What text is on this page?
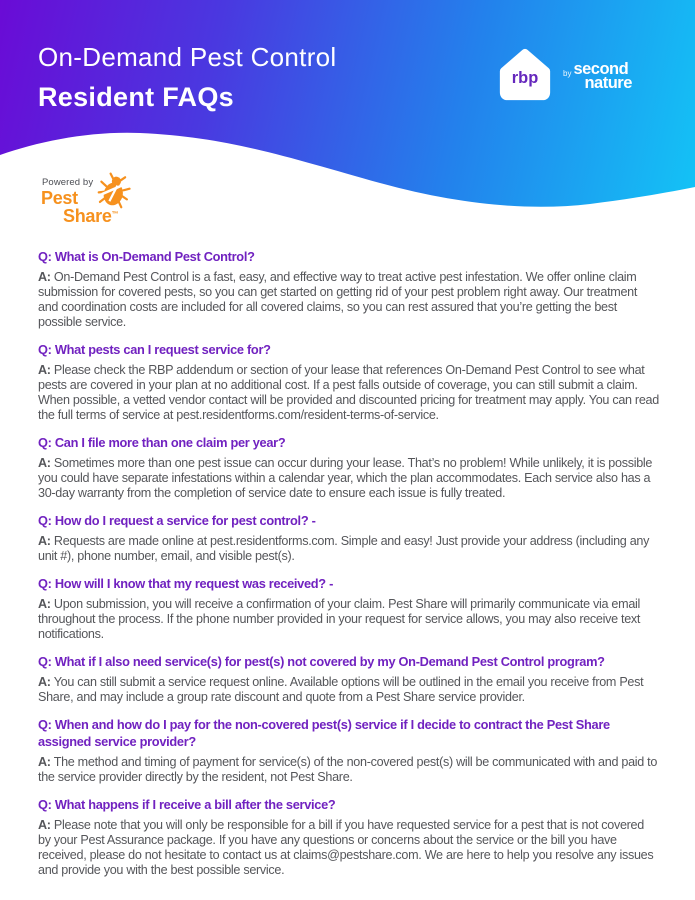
On-Demand Pest Control
Resident FAQs
rbp	by second
nature
Powered by
Pest
Share™
Q: What is On-Demand Pest Control?

A: On-Demand Pest Control is a fast, easy, and effective way to treat active pest infestation. We offer online claim submission for covered pests, so you can get started on getting rid of your pest problem right away. Our treatment and coordination costs are included for all covered claims, so you can rest assured that you’re getting the best possible service.

Q: What pests can I request service for?

A: Please check the RBP addendum or section of your lease that references On-Demand Pest Control to see what pests are covered in your plan at no additional cost. If a pest falls outside of coverage, you can still submit a claim. When possible, a vetted vendor contact will be provided and discounted pricing for treatment may apply. You can read the full terms of service at pest.residentforms.com/resident-terms-of-service.

Q: Can I file more than one claim per year?

A: Sometimes more than one pest issue can occur during your lease. That’s no problem! While unlikely, it is possible you could have separate infestations within a calendar year, which the plan accommodates. Each service also has a 30-day warranty from the completion of service date to ensure each issue is fully treated.

Q: How do I request a service for pest control? -

A: Requests are made online at pest.residentforms.com. Simple and easy! Just provide your address (including any unit #), phone number, email, and visible pest(s).

Q: How will I know that my request was received? -

A: Upon submission, you will receive a confirmation of your claim. Pest Share will primarily communicate via email throughout the process. If the phone number provided in your request for service allows, you may also receive text notifications.

Q: What if I also need service(s) for pest(s) not covered by my On-Demand Pest Control program?

A: You can still submit a service request online. Available options will be outlined in the email you receive from Pest Share, and may include a group rate discount and quote from a Pest Share service provider.

Q: When and how do I pay for the non-covered pest(s) service if I decide to contract the Pest Share assigned service provider?

A: The method and timing of payment for service(s) of the non-covered pest(s) will be communicated with and paid to the service provider directly by the resident, not Pest Share.

Q: What happens if I receive a bill after the service?

A: Please note that you will only be responsible for a bill if you have requested service for a pest that is not covered by your Pest Assurance package. If you have any questions or concerns about the service or the bill you have received, please do not hesitate to contact us at claims@pestshare.com. We are here to help you resolve any issues and provide you with the best possible service.
